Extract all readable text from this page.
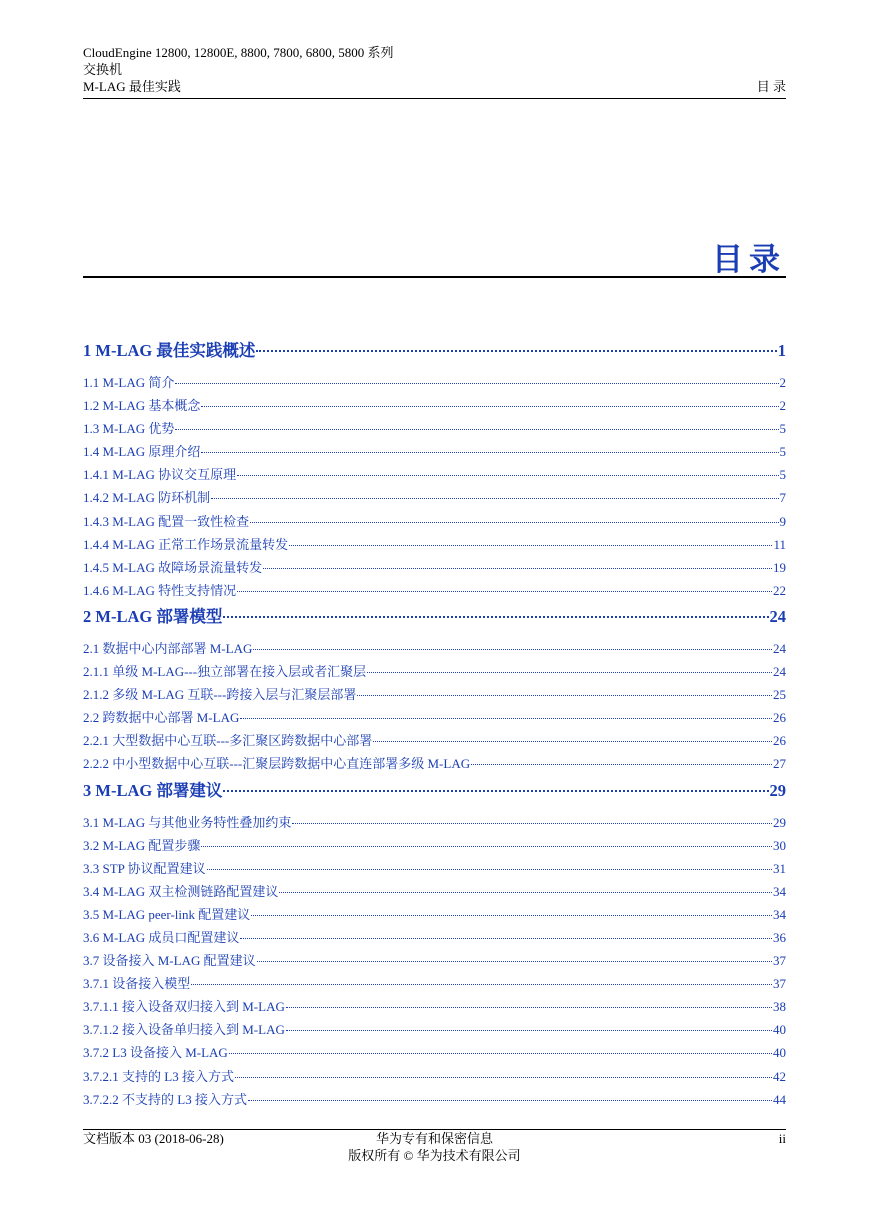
CloudEngine 12800, 12800E, 8800, 7800, 6800, 5800 系列
交换机
M-LAG 最佳实践	目 录
目录
1 M-LAG 最佳实践概述	1
1.1 M-LAG 简介	2
1.2 M-LAG 基本概念	2
1.3 M-LAG 优势	5
1.4 M-LAG 原理介绍	5
1.4.1 M-LAG 协议交互原理	5
1.4.2 M-LAG 防环机制	7
1.4.3 M-LAG 配置一致性检查	9
1.4.4 M-LAG 正常工作场景流量转发	11
1.4.5 M-LAG 故障场景流量转发	19
1.4.6 M-LAG 特性支持情况	22
2 M-LAG 部署模型	24
2.1 数据中心内部部署 M-LAG	24
2.1.1 单级 M-LAG---独立部署在接入层或者汇聚层	24
2.1.2 多级 M-LAG 互联---跨接入层与汇聚层部署	25
2.2 跨数据中心部署 M-LAG	26
2.2.1 大型数据中心互联---多汇聚区跨数据中心部署	26
2.2.2 中小型数据中心互联---汇聚层跨数据中心直连部署多级 M-LAG	27
3 M-LAG 部署建议	29
3.1 M-LAG 与其他业务特性叠加约束	29
3.2 M-LAG 配置步骤	30
3.3 STP 协议配置建议	31
3.4 M-LAG 双主检测链路配置建议	34
3.5 M-LAG peer-link 配置建议	34
3.6 M-LAG 成员口配置建议	36
3.7 设备接入 M-LAG 配置建议	37
3.7.1 设备接入模型	37
3.7.1.1 接入设备双归接入到 M-LAG	38
3.7.1.2 接入设备单归接入到 M-LAG	40
3.7.2 L3 设备接入 M-LAG	40
3.7.2.1 支持的 L3 接入方式	42
3.7.2.2 不支持的 L3 接入方式	44
文档版本 03 (2018-06-28)	华为专有和保密信息
版权所有 © 华为技术有限公司
ii
